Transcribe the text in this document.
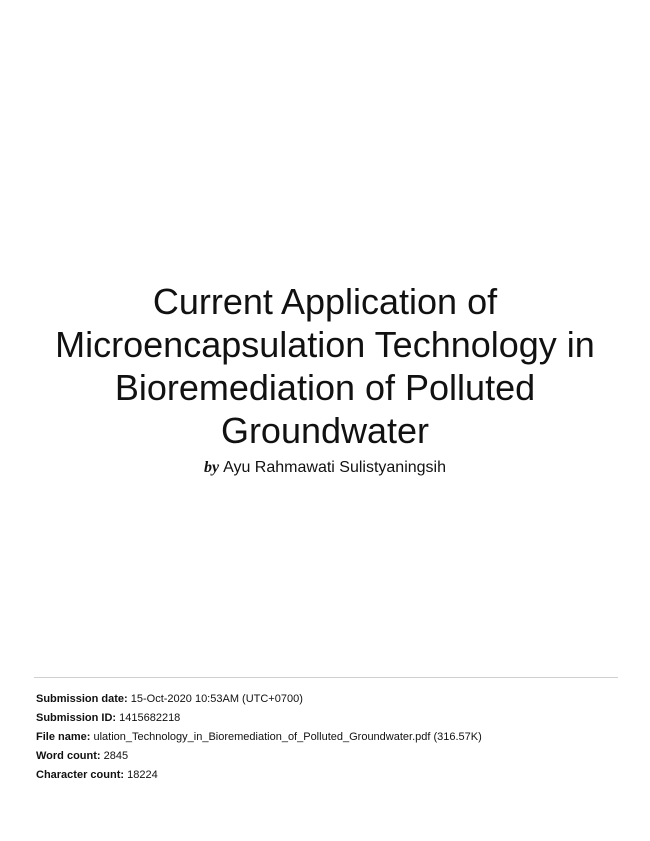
Current Application of Microencapsulation Technology in Bioremediation of Polluted Groundwater
by Ayu Rahmawati Sulistyaningsih
Submission date: 15-Oct-2020 10:53AM (UTC+0700)
Submission ID: 1415682218
File name: ulation_Technology_in_Bioremediation_of_Polluted_Groundwater.pdf (316.57K)
Word count: 2845
Character count: 18224
